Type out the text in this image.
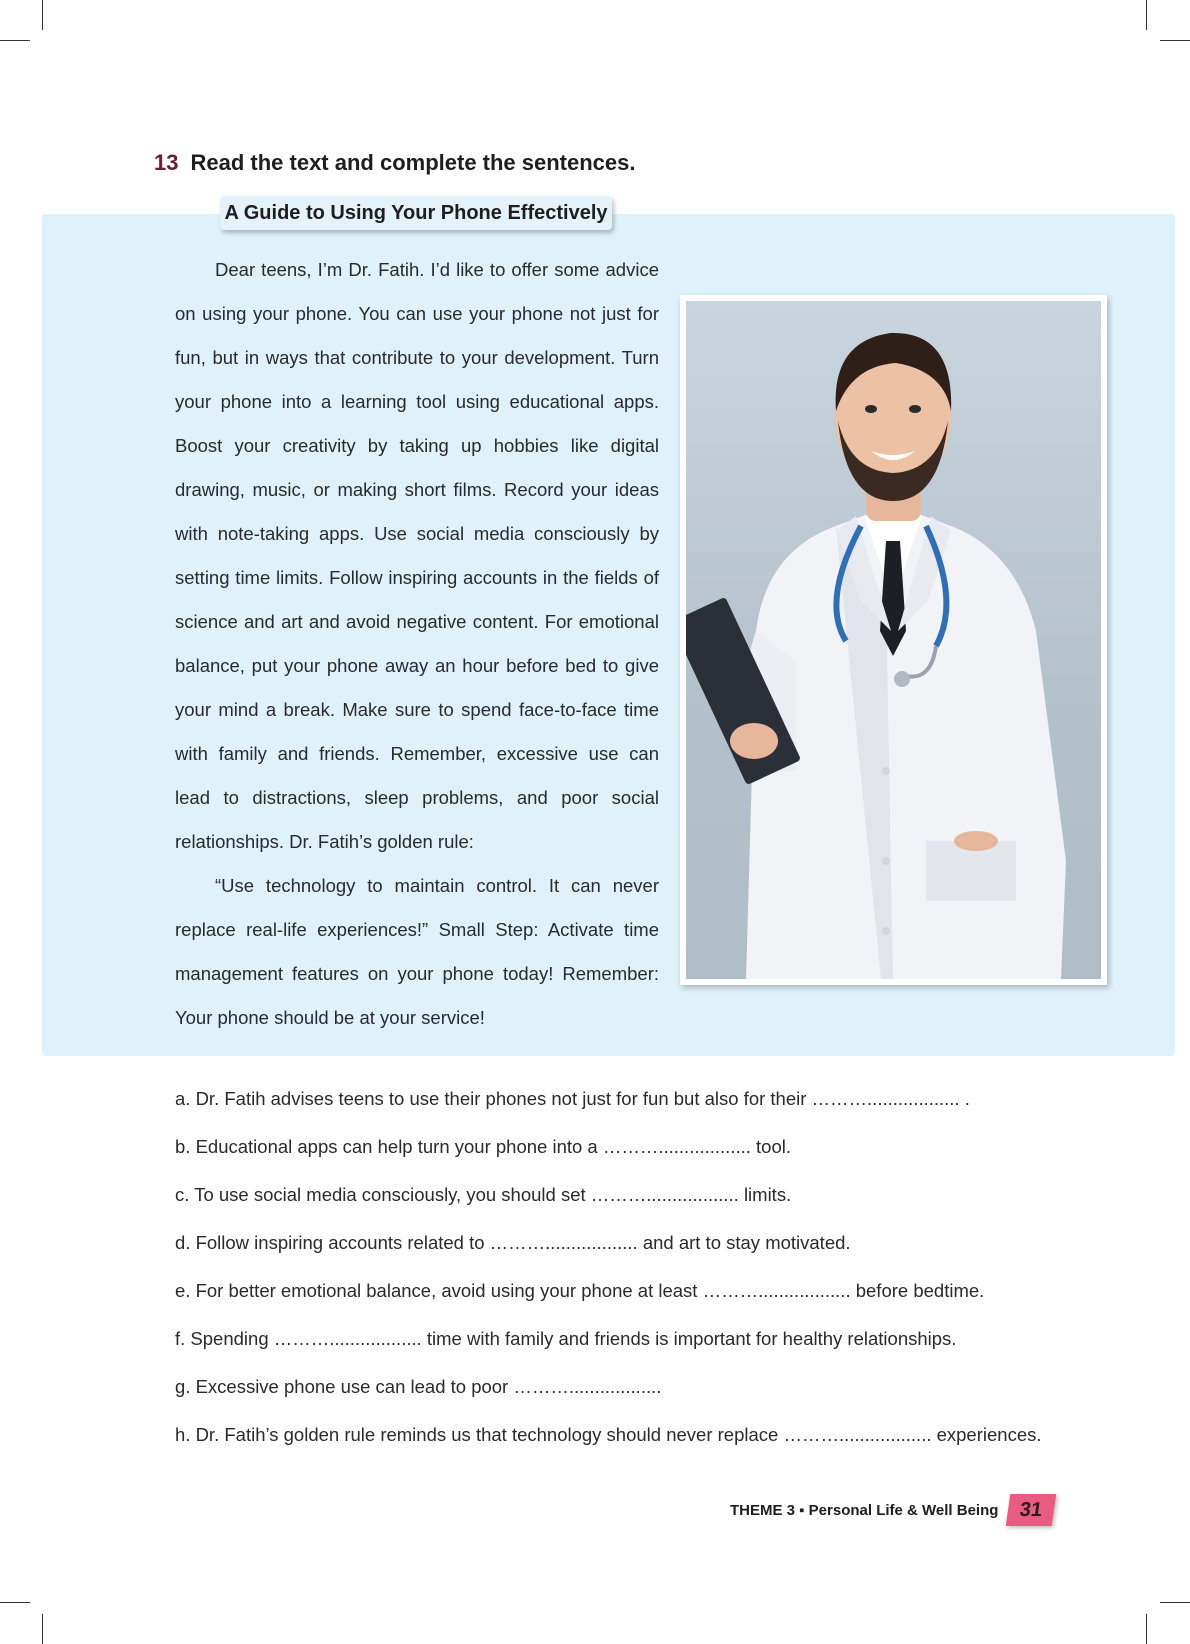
13 Read the text and complete the sentences.
A Guide to Using Your Phone Effectively

Dear teens, I’m Dr. Fatih. I’d like to offer some advice on using your phone. You can use your phone not just for fun, but in ways that contribute to your development. Turn your phone into a learning tool using educational apps. Boost your creativity by taking up hobbies like digital drawing, music, or making short films. Record your ideas with note-taking apps. Use social media consciously by setting time limits. Follow inspiring accounts in the fields of science and art and avoid negative content. For emotional balance, put your phone away an hour before bed to give your mind a break. Make sure to spend face-to-face time with family and friends. Remember, excessive use can lead to distractions, sleep problems, and poor social relationships. Dr. Fatih’s golden rule:

“Use technology to maintain control. It can never replace real-life experiences!” Small Step: Activate time management features on your phone today! Remember: Your phone should be at your service!

a. Dr. Fatih advises teens to use their phones not just for fun but also for their ……….................. .
b. Educational apps can help turn your phone into a ……….................. tool.
c. To use social media consciously, you should set ……….................. limits.
d. Follow inspiring accounts related to ……….................. and art to stay motivated.
e. For better emotional balance, avoid using your phone at least ……….................. before bedtime.
f. Spending ……….................. time with family and friends is important for healthy relationships.
g. Excessive phone use can lead to poor ………..................
h. Dr. Fatih’s golden rule reminds us that technology should never replace ……….................. experiences.
THEME 3 ▪ Personal Life & Well Being	31
